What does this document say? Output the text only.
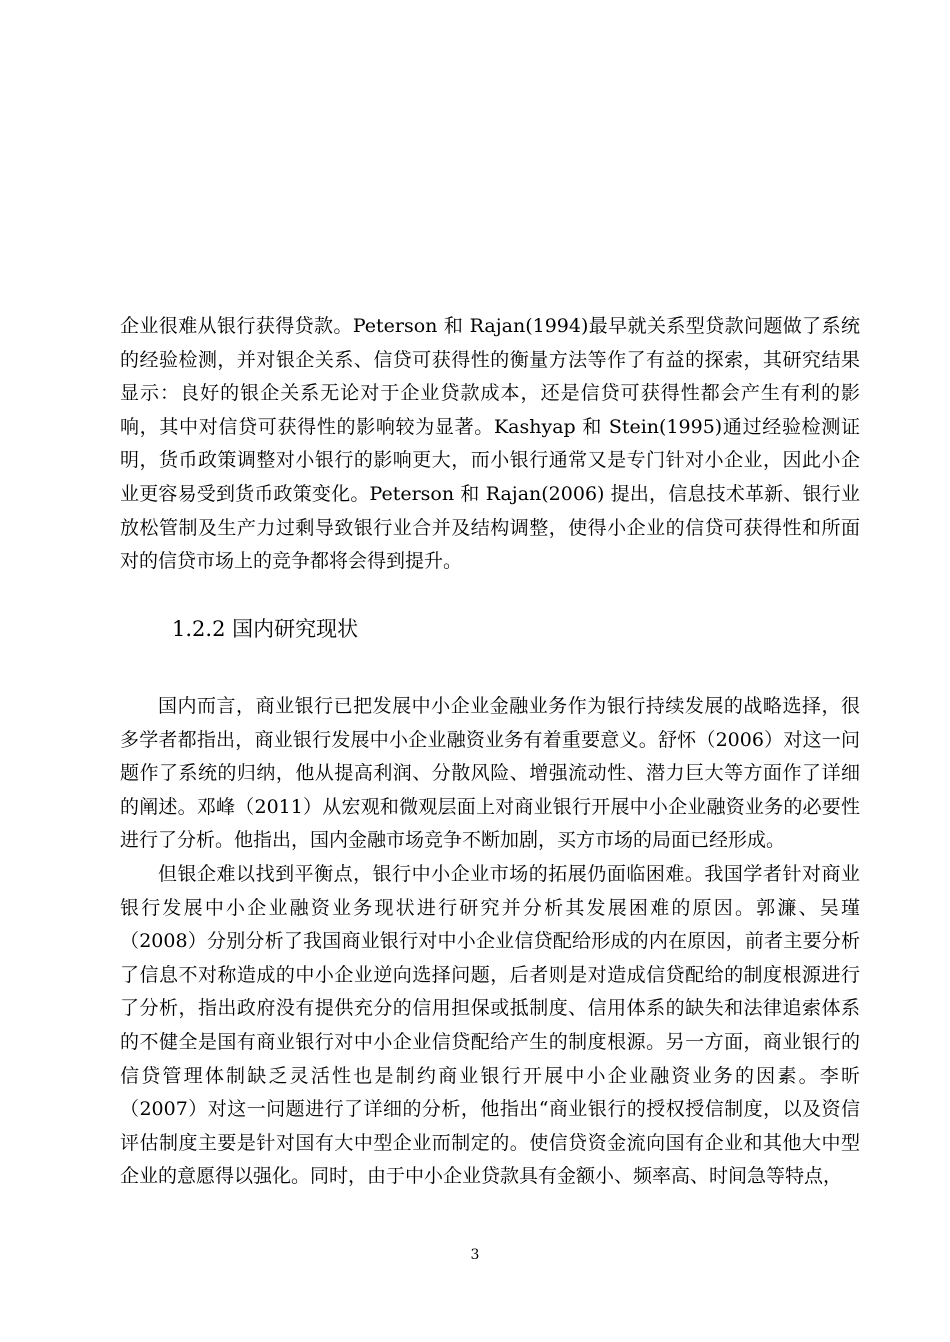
企业很难从银行获得贷款。Peterson 和 Rajan(1994)最早就关系型贷款问题做了系统的经验检测，并对银企关系、信贷可获得性的衡量方法等作了有益的探索，其研究结果显示：良好的银企关系无论对于企业贷款成本，还是信贷可获得性都会产生有利的影响，其中对信贷可获得性的影响较为显著。Kashyap 和 Stein(1995)通过经验检测证明，货币政策调整对小银行的影响更大，而小银行通常又是专门针对小企业，因此小企业更容易受到货币政策变化。Peterson 和 Rajan(2006) 提出，信息技术革新、银行业放松管制及生产力过剩导致银行业合并及结构调整，使得小企业的信贷可获得性和所面对的信贷市场上的竞争都将会得到提升。

1.2.2 国内研究现状

国内而言，商业银行已把发展中小企业金融业务作为银行持续发展的战略选择，很多学者都指出，商业银行发展中小企业融资业务有着重要意义。舒怀（2006）对这一问题作了系统的归纳，他从提高利润、分散风险、增强流动性、潜力巨大等方面作了详细的阐述。邓峰（2011）从宏观和微观层面上对商业银行开展中小企业融资业务的必要性进行了分析。他指出，国内金融市场竞争不断加剧，买方市场的局面已经形成。

但银企难以找到平衡点，银行中小企业市场的拓展仍面临困难。我国学者针对商业银行发展中小企业融资业务现状进行研究并分析其发展困难的原因。郭濂、吴瑾（2008）分别分析了我国商业银行对中小企业信贷配给形成的内在原因，前者主要分析了信息不对称造成的中小企业逆向选择问题，后者则是对造成信贷配给的制度根源进行了分析，指出政府没有提供充分的信用担保或抵制度、信用体系的缺失和法律追索体系的不健全是国有商业银行对中小企业信贷配给产生的制度根源。另一方面，商业银行的信贷管理体制缺乏灵活性也是制约商业银行开展中小企业融资业务的因素。李昕（2007）对这一问题进行了详细的分析，他指出“商业银行的授权授信制度，以及资信评估制度主要是针对国有大中型企业而制定的。使信贷资金流向国有企业和其他大中型企业的意愿得以强化。同时，由于中小企业贷款具有金额小、频率高、时间急等特点，

3
